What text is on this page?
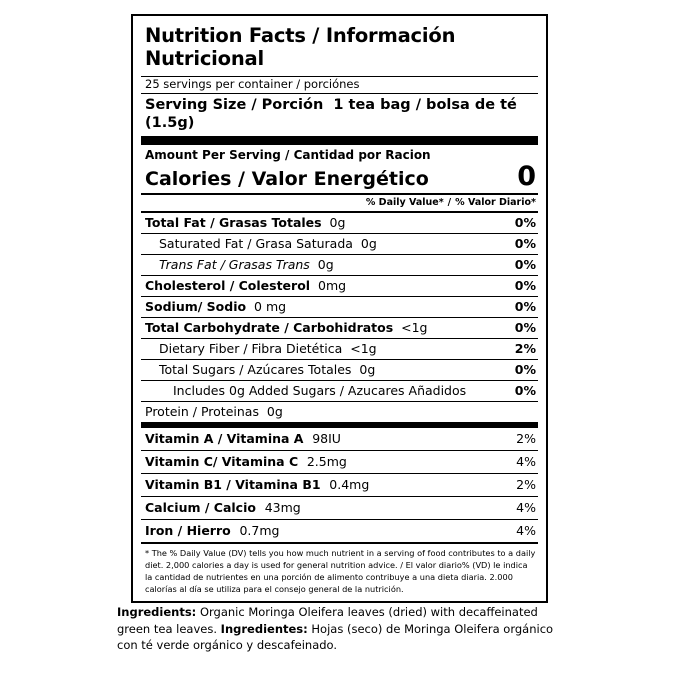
Nutrition Facts / Información Nutricional
25 servings per container / porciónes
Serving Size / Porción 1 tea bag / bolsa de té (1.5g)
Amount Per Serving / Cantidad por Racion
Calories / Valor Energético	0
% Daily Value* / % Valor Diario*
Total Fat / Grasas Totales 0g	0%
Saturated Fat / Grasa Saturada 0g	0%
Trans Fat / Grasas Trans 0g	0%
Cholesterol / Colesterol 0mg	0%
Sodium/ Sodio 0 mg	0%
Total Carbohydrate / Carbohidratos <1g	0%
Dietary Fiber / Fibra Dietética <1g	2%
Total Sugars / Azúcares Totales 0g	0%
Includes 0g Added Sugars / Azucares Añadidos	0%
Protein / Proteinas 0g
Vitamin A / Vitamina A 98IU	2%
Vitamin C/ Vitamina C 2.5mg	4%
Vitamin B1 / Vitamina B1 0.4mg	2%
Calcium / Calcio 43mg	4%
Iron / Hierro 0.7mg	4%
* The % Daily Value (DV) tells you how much nutrient in a serving of food contributes to a daily diet. 2,000 calories a day is used for general nutrition advice. / El valor diario% (VD) le indica la cantidad de nutrientes en una porción de alimento contribuye a una dieta diaria. 2.000 calorías al día se utiliza para el consejo general de la nutrición.
Ingredients: Organic Moringa Oleifera leaves (dried) with decaffeinated green tea leaves. Ingredientes: Hojas (seco) de Moringa Oleifera orgánico con té verde orgánico y descafeinado.
